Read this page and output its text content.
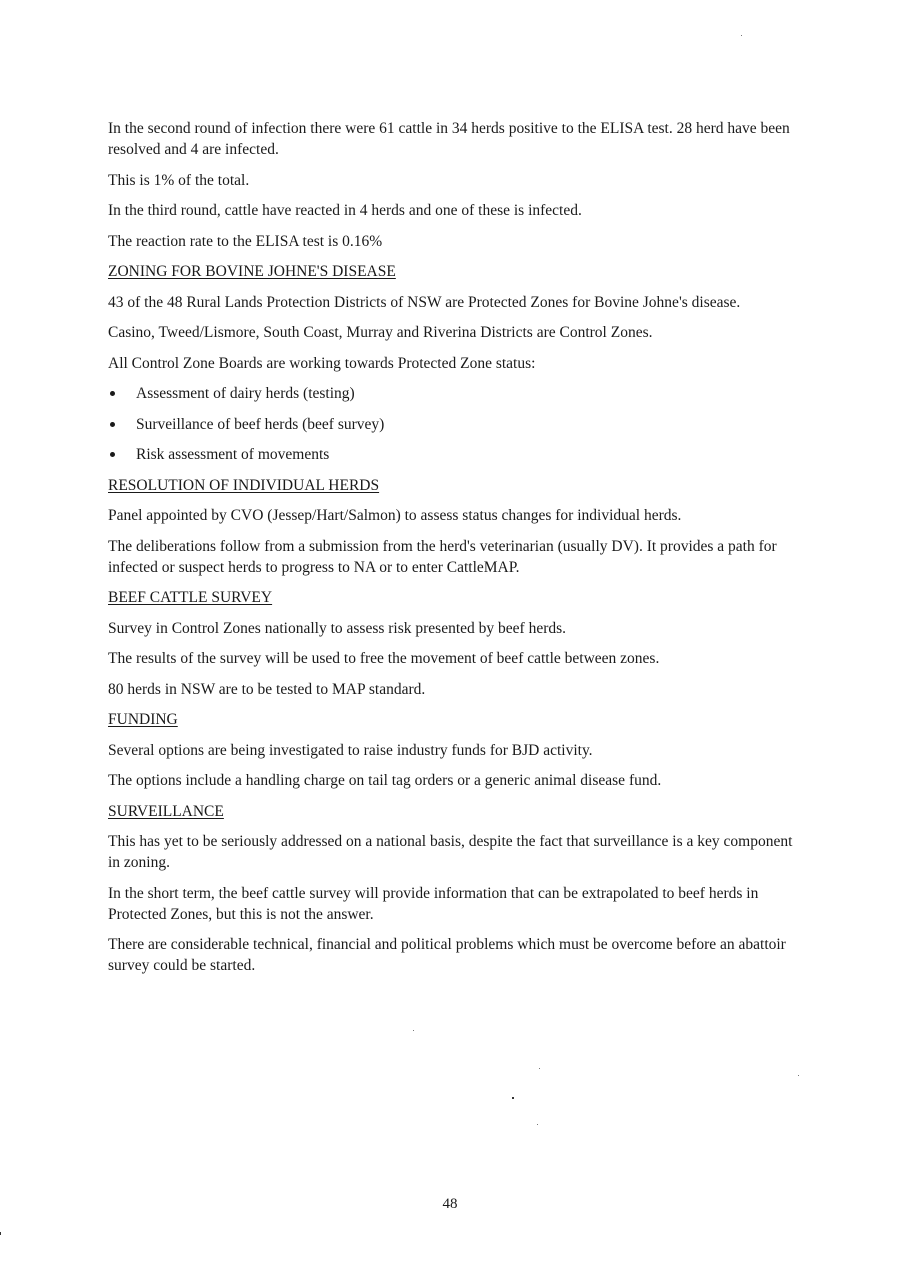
In the second round of infection there were 61 cattle in 34 herds positive to the ELISA test. 28 herd have been resolved and 4 are infected.

This is 1% of the total.

In the third round, cattle have reacted in 4 herds and one of these is infected.

The reaction rate to the ELISA test is 0.16%

ZONING FOR BOVINE JOHNE'S DISEASE

43 of the 48 Rural Lands Protection Districts of NSW are Protected Zones for Bovine Johne's disease.

Casino, Tweed/Lismore, South Coast, Murray and Riverina Districts are Control Zones.

All Control Zone Boards are working towards Protected Zone status:

Assessment of dairy herds (testing)
Surveillance of beef herds (beef survey)
Risk assessment of movements

RESOLUTION OF INDIVIDUAL HERDS

Panel appointed by CVO (Jessep/Hart/Salmon) to assess status changes for individual herds.

The deliberations follow from a submission from the herd's veterinarian (usually DV). It provides a path for infected or suspect herds to progress to NA or to enter CattleMAP.

BEEF CATTLE SURVEY

Survey in Control Zones nationally to assess risk presented by beef herds.

The results of the survey will be used to free the movement of beef cattle between zones.

80 herds in NSW are to be tested to MAP standard.

FUNDING

Several options are being investigated to raise industry funds for BJD activity.

The options include a handling charge on tail tag orders or a generic animal disease fund.

SURVEILLANCE

This has yet to be seriously addressed on a national basis, despite the fact that surveillance is a key component in zoning.

In the short term, the beef cattle survey will provide information that can be extrapolated to beef herds in Protected Zones, but this is not the answer.

There are considerable technical, financial and political problems which must be overcome before an abattoir survey could be started.

48
